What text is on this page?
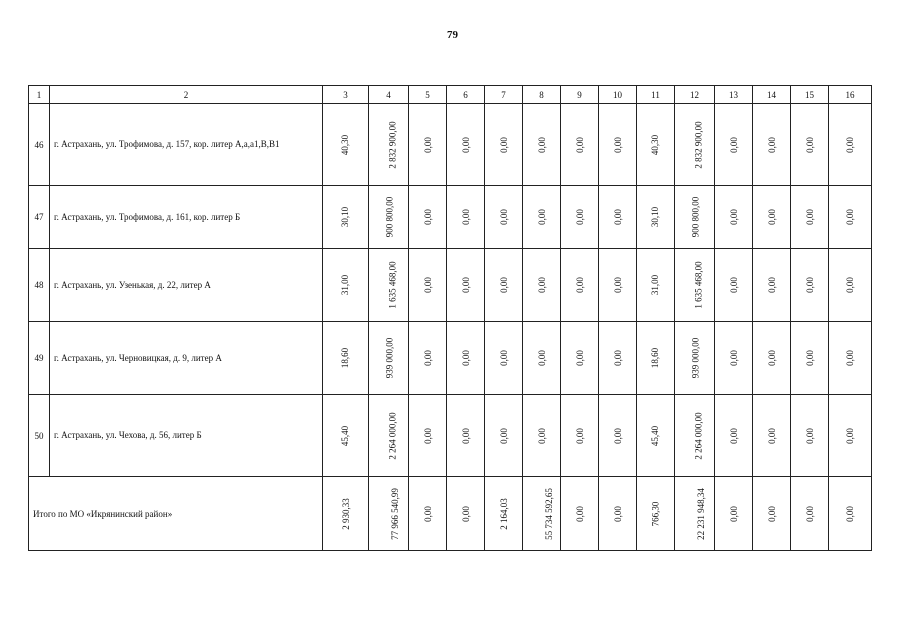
79
1	2	3	4	5	6	7	8	9	10	11	12	13	14	15	16
46	г. Астрахань, ул. Трофимова, д. 157, кор. литер А,а,а1,В,В1	40,30	2 832 900,00	0,00	0,00	0,00	0,00	0,00	0,00	40,30	2 832 900,00	0,00	0,00	0,00	0,00
47	г. Астрахань, ул. Трофимова, д. 161, кор. литер Б	30,10	900 800,00	0,00	0,00	0,00	0,00	0,00	0,00	30,10	900 800,00	0,00	0,00	0,00	0,00
48	г. Астрахань, ул. Узенькая, д. 22, литер А	31,00	1 635 468,00	0,00	0,00	0,00	0,00	0,00	0,00	31,00	1 635 468,00	0,00	0,00	0,00	0,00
49	г. Астрахань, ул. Черновицкая, д. 9, литер А	18,60	939 000,00	0,00	0,00	0,00	0,00	0,00	0,00	18,60	939 000,00	0,00	0,00	0,00	0,00
50	г. Астрахань, ул. Чехова, д. 56, литер Б	45,40	2 264 000,00	0,00	0,00	0,00	0,00	0,00	0,00	45,40	2 264 000,00	0,00	0,00	0,00	0,00
Итого по МО «Икрянинский район»		2 930,33	77 966 540,99	0,00	0,00	2 164,03	55 734 592,65	0,00	0,00	766,30	22 231 948,34	0,00	0,00	0,00	0,00
